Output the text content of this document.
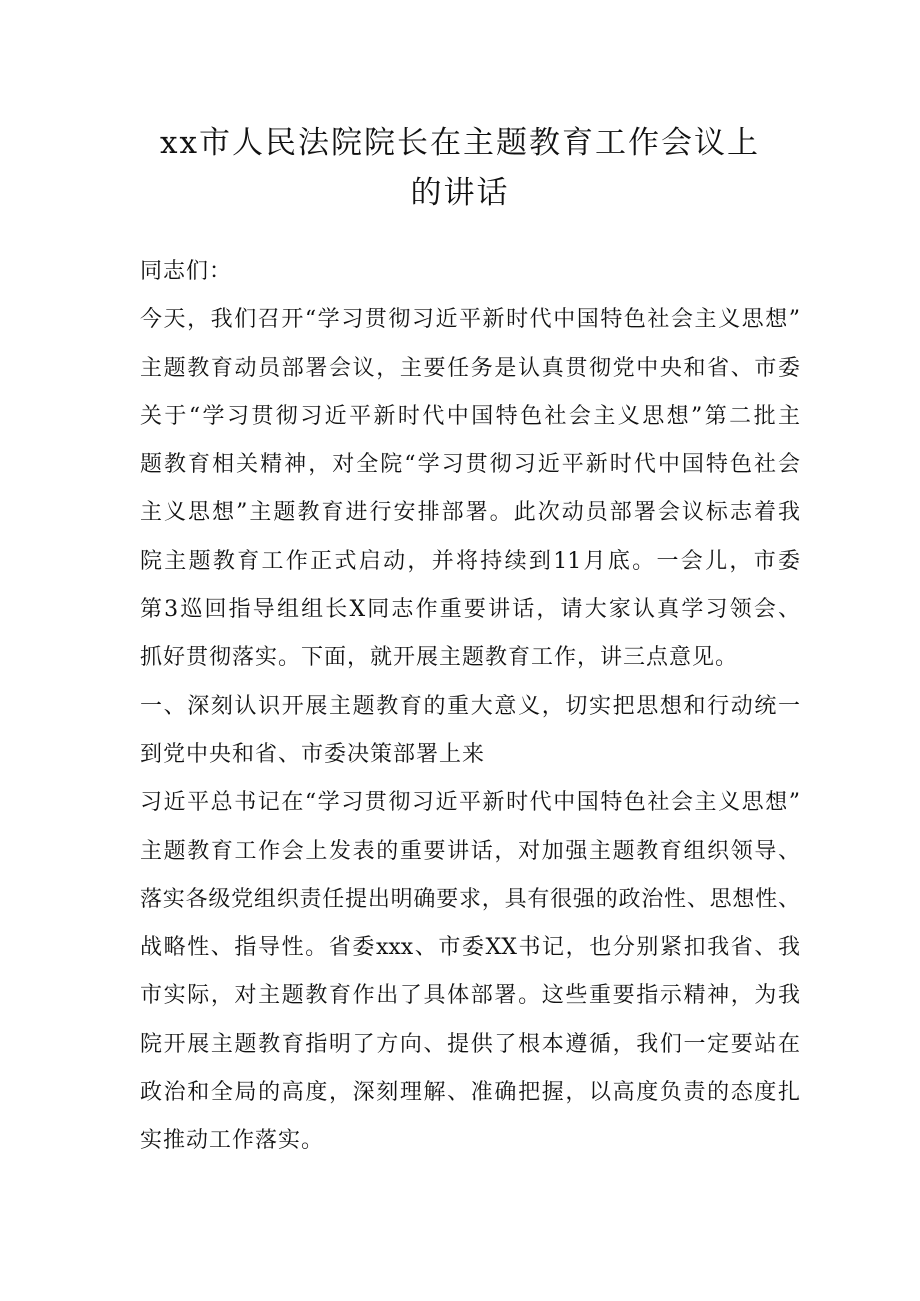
xx市人民法院院长在主题教育工作会议上
的讲话
同志们：
今天，我们召开“学习贯彻习近平新时代中国特色社会主义思想”
主题教育动员部署会议，主要任务是认真贯彻党中央和省、市委
关于“学习贯彻习近平新时代中国特色社会主义思想”第二批主
题教育相关精神，对全院“学习贯彻习近平新时代中国特色社会
主义思想”主题教育进行安排部署。此次动员部署会议标志着我
院主题教育工作正式启动，并将持续到11月底。一会儿，市委
第3巡回指导组组长X同志作重要讲话，请大家认真学习领会、
抓好贯彻落实。下面，就开展主题教育工作，讲三点意见。
一、深刻认识开展主题教育的重大意义，切实把思想和行动统一
到党中央和省、市委决策部署上来
习近平总书记在“学习贯彻习近平新时代中国特色社会主义思想”
主题教育工作会上发表的重要讲话，对加强主题教育组织领导、
落实各级党组织责任提出明确要求，具有很强的政治性、思想性、
战略性、指导性。省委xxx、市委XX书记，也分别紧扣我省、我
市实际，对主题教育作出了具体部署。这些重要指示精神，为我
院开展主题教育指明了方向、提供了根本遵循，我们一定要站在
政治和全局的高度，深刻理解、准确把握，以高度负责的态度扎
实推动工作落实。
